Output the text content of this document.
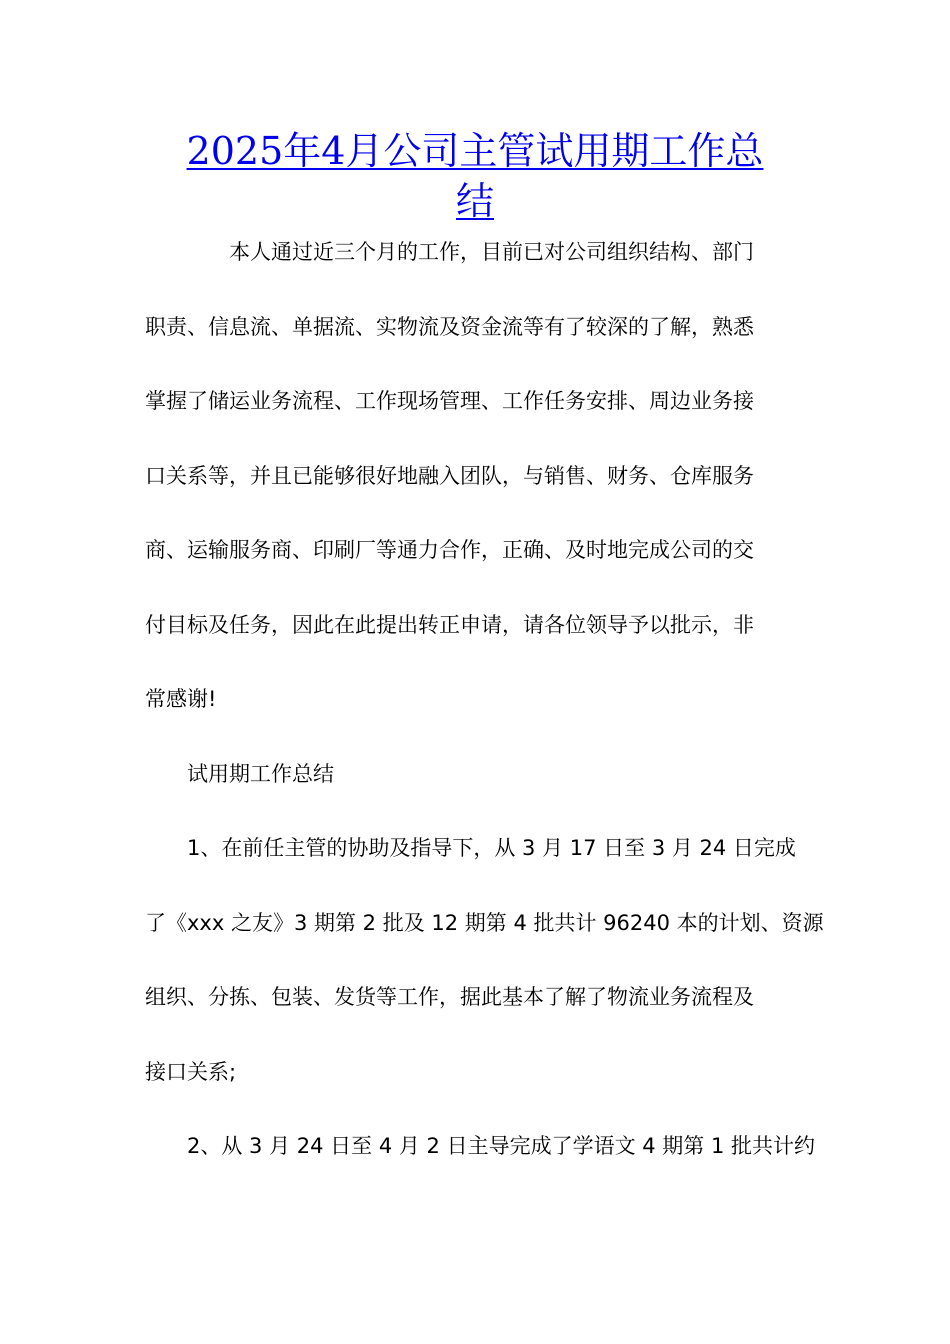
2025年4月公司主管试用期工作总
结
本人通过近三个月的工作，目前已对公司组织结构、部门
职责、信息流、单据流、实物流及资金流等有了较深的了解，熟悉
掌握了储运业务流程、工作现场管理、工作任务安排、周边业务接
口关系等，并且已能够很好地融入团队，与销售、财务、仓库服务
商、运输服务商、印刷厂等通力合作，正确、及时地完成公司的交
付目标及任务，因此在此提出转正申请，请各位领导予以批示，非
常感谢!
试用期工作总结
1、在前任主管的协助及指导下，从 3 月 17 日至 3 月 24 日完成
了《xxx 之友》3 期第 2 批及 12 期第 4 批共计 96240 本的计划、资源
组织、分拣、包装、发货等工作，据此基本了解了物流业务流程及
接口关系;
2、从 3 月 24 日至 4 月 2 日主导完成了学语文 4 期第 1 批共计约
